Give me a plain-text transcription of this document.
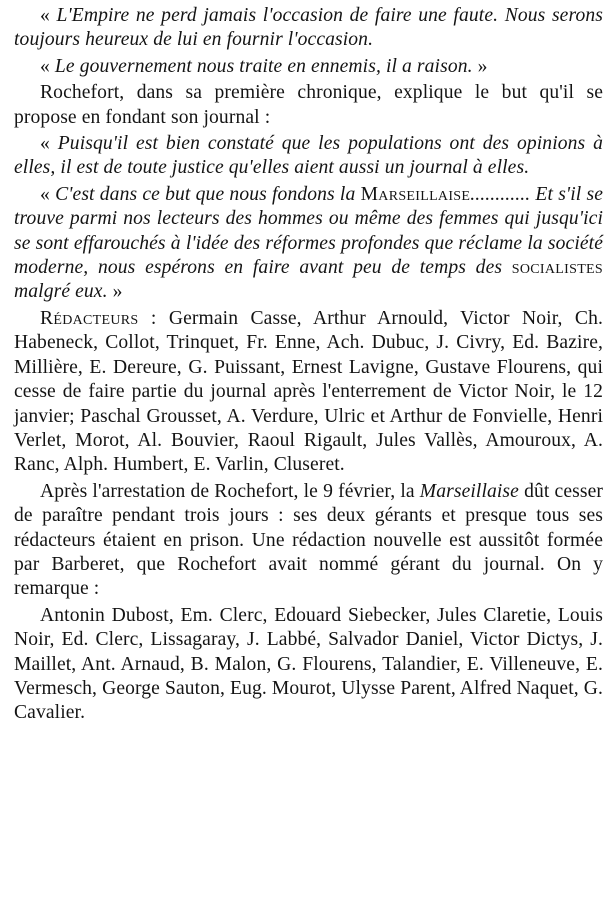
« L'Empire ne perd jamais l'occasion de faire une faute. Nous serons toujours heureux de lui en fournir l'occasion.

« Le gouvernement nous traite en ennemis, il a raison. »

Rochefort, dans sa première chronique, explique le but qu'il se propose en fondant son journal :

« Puisqu'il est bien constaté que les populations ont des opinions à elles, il est de toute justice qu'elles aient aussi un journal à elles.

« C'est dans ce but que nous fondons la Marseillaise............ Et s'il se trouve parmi nos lecteurs des hommes ou même des femmes qui jusqu'ici se sont effarouchés à l'idée des réformes profondes que réclame la société moderne, nous espérons en faire avant peu de temps des socialistes malgré eux. »

Rédacteurs : Germain Casse, Arthur Arnould, Victor Noir, Ch. Habeneck, Collot, Trinquet, Fr. Enne, Ach. Dubuc, J. Civry, Ed. Bazire, Millière, E. Dereure, G. Puissant, Ernest Lavigne, Gustave Flourens, qui cesse de faire partie du journal après l'enterrement de Victor Noir, le 12 janvier; Paschal Grousset, A. Verdure, Ulric et Arthur de Fonvielle, Henri Verlet, Morot, Al. Bouvier, Raoul Rigault, Jules Vallès, Amouroux, A. Ranc, Alph. Humbert, E. Varlin, Cluseret.

Après l'arrestation de Rochefort, le 9 février, la Marseillaise dût cesser de paraître pendant trois jours : ses deux gérants et presque tous ses rédacteurs étaient en prison. Une rédaction nouvelle est aussitôt formée par Barberet, que Rochefort avait nommé gérant du journal. On y remarque :

Antonin Dubost, Em. Clerc, Edouard Siebecker, Jules Claretie, Louis Noir, Ed. Clerc, Lissagaray, J. Labbé, Salvador Daniel, Victor Dictys, J. Maillet, Ant. Arnaud, B. Malon, G. Flourens, Talandier, E. Villeneuve, E. Vermesch, George Sauton, Eug. Mourot, Ulysse Parent, Alfred Naquet, G. Cavalier.
